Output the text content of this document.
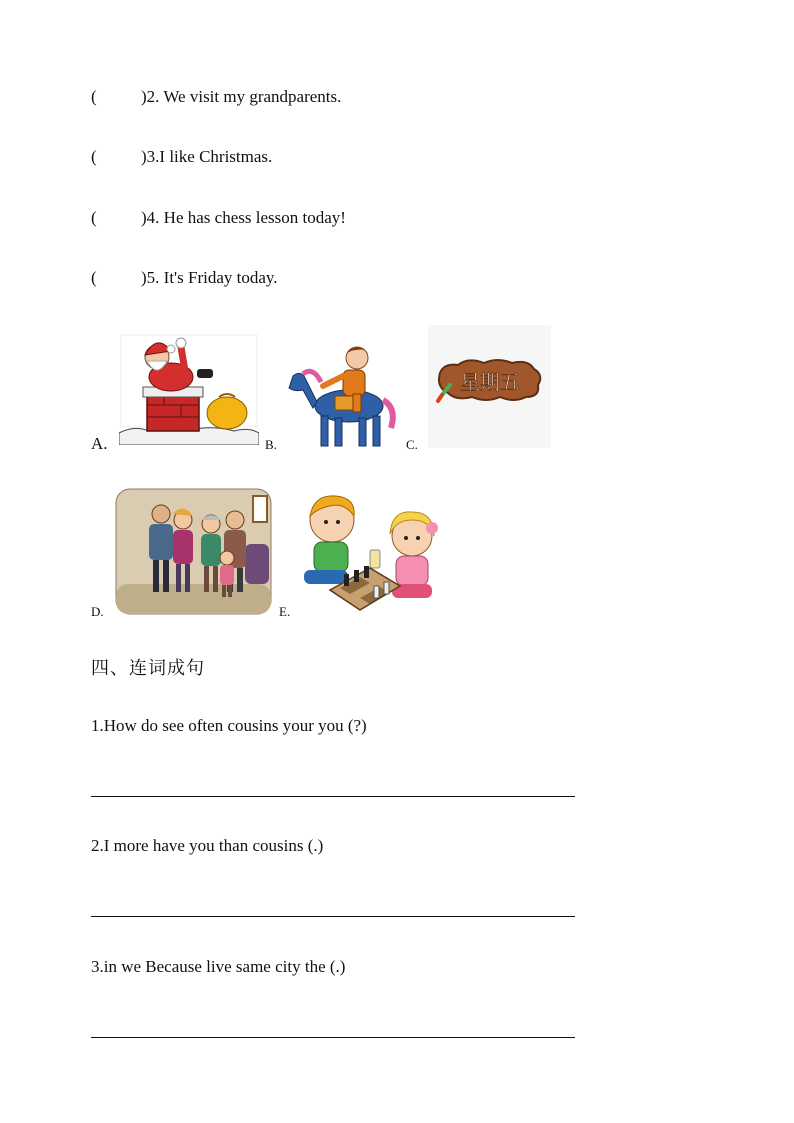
(	)2. We visit my grandparents.
(	)3.I like Christmas.
(	)4. He has chess lesson today!
(	)5. It's Friday today.
A.	B.	C.
星期五
D.	E.
四、连词成句
1.How do see often cousins your you (?)
2.I more have you than cousins (.)
3.in we Because live same city the (.)
